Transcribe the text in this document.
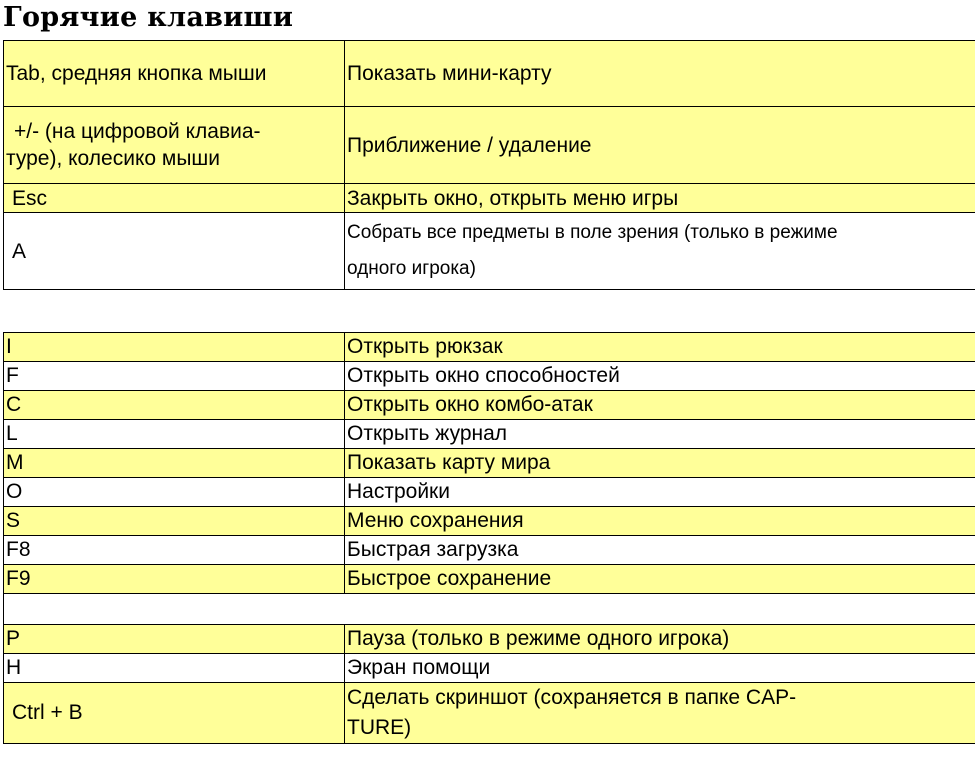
Горячие клавиши
Tab, средняя кнопка мыши	Показать мини-карту

+/- (на цифровой клавиа-
туре), колесико мыши	Приближение / удаление
Esc	Закрыть окно, открыть меню игры
A	Собрать все предметы в поле зрения (только в режиме
одного игрока)
I	Открыть рюкзак
F	Открыть окно способностей
C	Открыть окно комбо-атак
L	Открыть журнал
M	Показать карту мира
O	Настройки
S	Меню сохранения
F8	Быстрая загрузка
F9	Быстрое сохранение

P	Пауза (только в режиме одного игрока)
H	Экран помощи
Ctrl + B	Сделать скриншот (сохраняется в папке CAP-
TURE)
